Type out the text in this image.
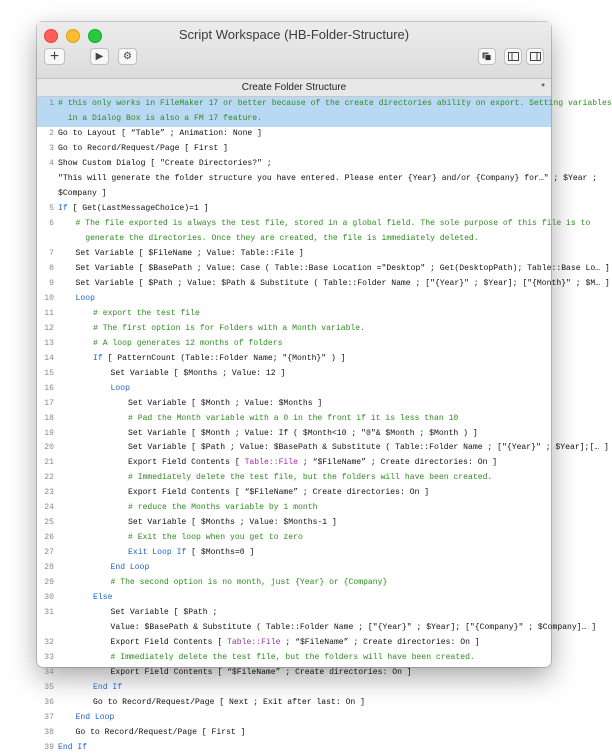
Script Workspace (HB-Folder-Structure)
+	▶ ⚙
Create Folder Structure	*
1 # this only works in FileMaker 17 or better because of the create directories ability on export. Setting variables
in a Dialog Box is also a FM 17 feature.
2 Go to Layout [ “Table” ; Animation: None ]
3 Go to Record/Request/Page [ First ]
4 Show Custom Dialog [ "Create Directories?" ;
"This will generate the folder structure you have entered. Please enter {Year} and/or {Company} for…" ; $Year ;
$Company ]
5 If [ Get(LastMessageChoice)=1 ]
6	# The file exported is always the test file, stored in a global field. The sole purpose of this file is to
generate the directories. Once they are created, the file is immediately deleted.
7	Set Variable [ $FileName ; Value: Table::File ]
8	Set Variable [ $BasePath ; Value: Case ( Table::Base Location ="Desktop" ; Get(DesktopPath); Table::Base Lo… ]
9	Set Variable [ $Path ; Value: $Path & Substitute ( Table::Folder Name ; ["{Year}" ; $Year]; ["{Month}" ; $M… ]
10	Loop
11	# export the test file
12	# The first option is for Folders with a Month variable.
13	# A loop generates 12 months of folders
14	If [ PatternCount (Table::Folder Name; "{Month}" ) ]
15	Set Variable [ $Months ; Value: 12 ]
16	Loop
17	Set Variable [ $Month ; Value: $Months ]
18	# Pad the Month variable with a 0 in the front if it is less than 10
19	Set Variable [ $Month ; Value: If ( $Month<10 ; "0"& $Month ; $Month ) ]
20	Set Variable [ $Path ; Value: $BasePath & Substitute ( Table::Folder Name ; ["{Year}" ; $Year];[… ]
21	Export Field Contents [ Table::File ; “$FileName” ; Create directories: On ]
22	# Immediately delete the test file, but the folders will have been created.
23	Export Field Contents [ “$FileName” ; Create directories: On ]
24	# reduce the Months variable by 1 month
25	Set Variable [ $Months ; Value: $Months-1 ]
26	# Exit the loop when you get to zero
27	Exit Loop If [ $Months=0 ]
28	End Loop
29	# The second option is no month, just {Year} or {Company}
30	Else
31	Set Variable [ $Path ;
Value: $BasePath & Substitute ( Table::Folder Name ; ["{Year}" ; $Year]; ["{Company}" ; $Company]… ]
32	Export Field Contents [ Table::File ; “$FileName” ; Create directories: On ]
33	# Immediately delete the test file, but the folders will have been created.
34	Export Field Contents [ “$FileName” ; Create directories: On ]
35	End If
36	Go to Record/Request/Page [ Next ; Exit after last: On ]
37	End Loop
38	Go to Record/Request/Page [ First ]
39 End If
